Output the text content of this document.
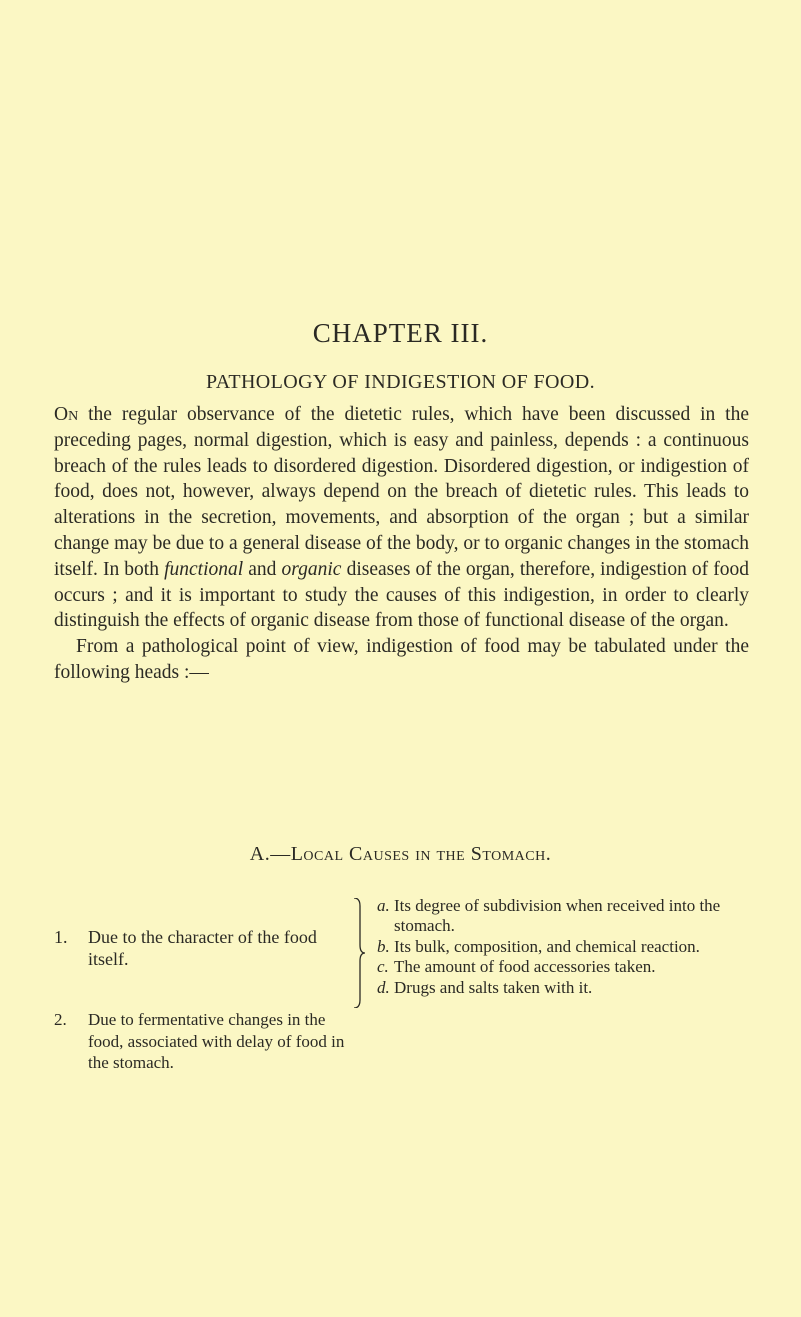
CHAPTER III.
PATHOLOGY OF INDIGESTION OF FOOD.

On the regular observance of the dietetic rules, which have been discussed in the preceding pages, normal digestion, which is easy and painless, depends : a continuous breach of the rules leads to disordered digestion. Disordered digestion, or indigestion of food, does not, however, always depend on the breach of dietetic rules. This leads to alterations in the secretion, movements, and absorption of the organ ; but a similar change may be due to a general disease of the body, or to organic changes in the stomach itself. In both functional and organic diseases of the organ, therefore, indigestion of food occurs ; and it is important to study the causes of this indigestion, in order to clearly distinguish the effects of organic disease from those of functional disease of the organ.

From a pathological point of view, indigestion of food may be tabulated under the following heads :—

A.—Local Causes in the Stomach.
1. Due to the character of the food itself.
a. Its degree of subdivision when received into the stomach.
b. Its bulk, composition, and chemical reaction.
c. The amount of food accessories taken.
d. Drugs and salts taken with it.
2. Due to fermentative changes in the food, associated with delay of food in the stomach.
